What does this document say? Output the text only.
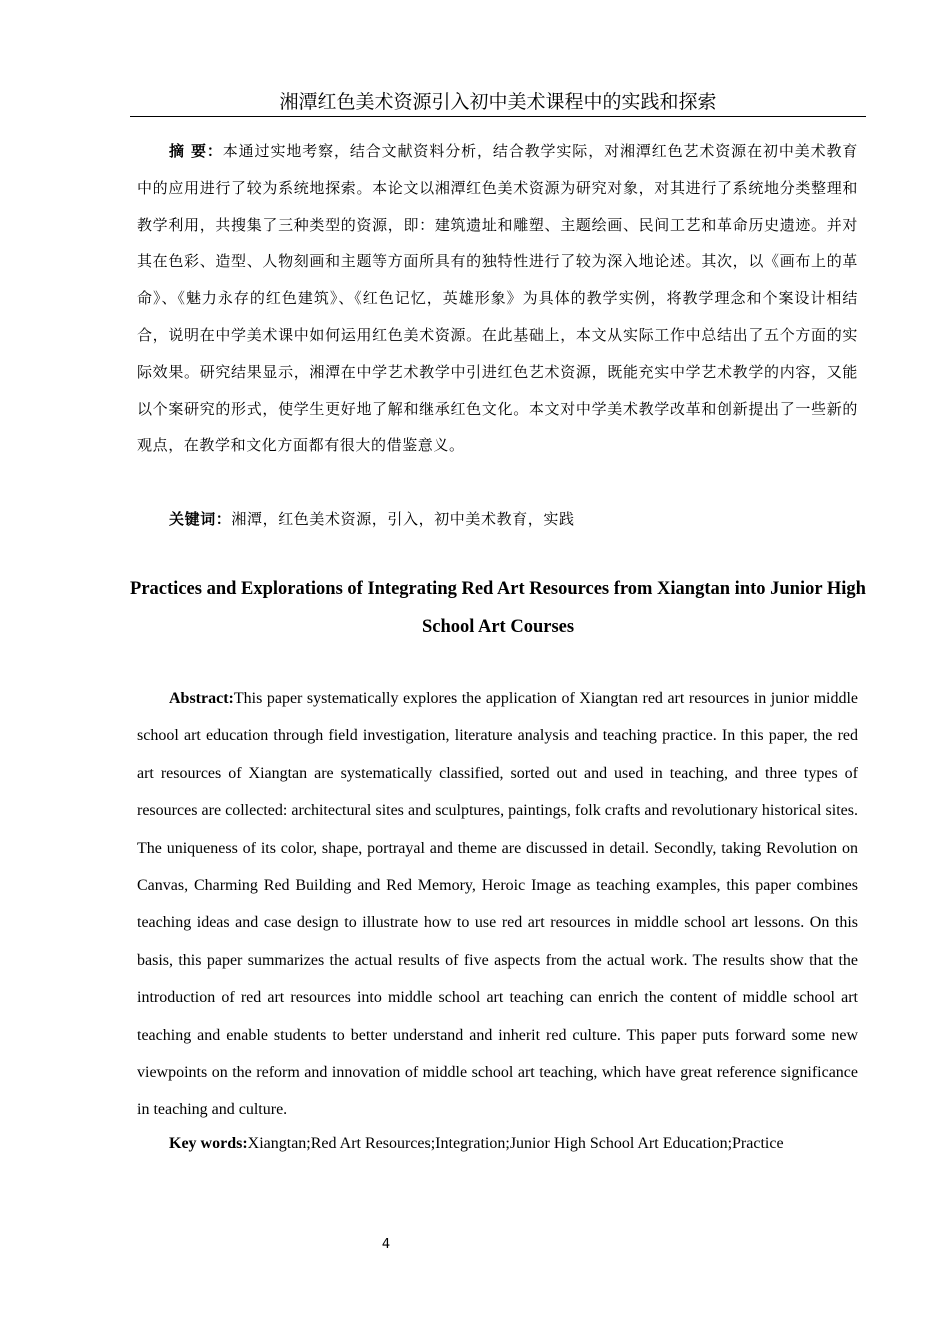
湘潭红色美术资源引入初中美术课程中的实践和探索

摘 要：本通过实地考察，结合文献资料分析，结合教学实际，对湘潭红色艺术资源在初中美术教育中的应用进行了较为系统地探索。本论文以湘潭红色美术资源为研究对象，对其进行了系统地分类整理和教学利用，共搜集了三种类型的资源，即：建筑遗址和雕塑、主题绘画、民间工艺和革命历史遗迹。并对其在色彩、造型、人物刻画和主题等方面所具有的独特性进行了较为深入地论述。其次，以《画布上的革命》、《魅力永存的红色建筑》、《红色记忆，英雄形象》为具体的教学实例，将教学理念和个案设计相结合，说明在中学美术课中如何运用红色美术资源。在此基础上，本文从实际工作中总结出了五个方面的实际效果。研究结果显示，湘潭在中学艺术教学中引进红色艺术资源，既能充实中学艺术教学的内容，又能以个案研究的形式，使学生更好地了解和继承红色文化。本文对中学美术教学改革和创新提出了一些新的观点，在教学和文化方面都有很大的借鉴意义。

关键词：湘潭，红色美术资源，引入，初中美术教育，实践

Practices and Explorations of Integrating Red Art Resources from Xiangtan into Junior High School Art Courses

Abstract:This paper systematically explores the application of Xiangtan red art resources in junior middle school art education through field investigation, literature analysis and teaching practice. In this paper, the red art resources of Xiangtan are systematically classified, sorted out and used in teaching, and three types of resources are collected: architectural sites and sculptures, paintings, folk crafts and revolutionary historical sites. The uniqueness of its color, shape, portrayal and theme are discussed in detail. Secondly, taking Revolution on Canvas, Charming Red Building and Red Memory, Heroic Image as teaching examples, this paper combines teaching ideas and case design to illustrate how to use red art resources in middle school art lessons. On this basis, this paper summarizes the actual results of five aspects from the actual work. The results show that the introduction of red art resources into middle school art teaching can enrich the content of middle school art teaching and enable students to better understand and inherit red culture. This paper puts forward some new viewpoints on the reform and innovation of middle school art teaching, which have great reference significance in teaching and culture.

Key words:Xiangtan;Red Art Resources;Integration;Junior High School Art Education;Practice

4
